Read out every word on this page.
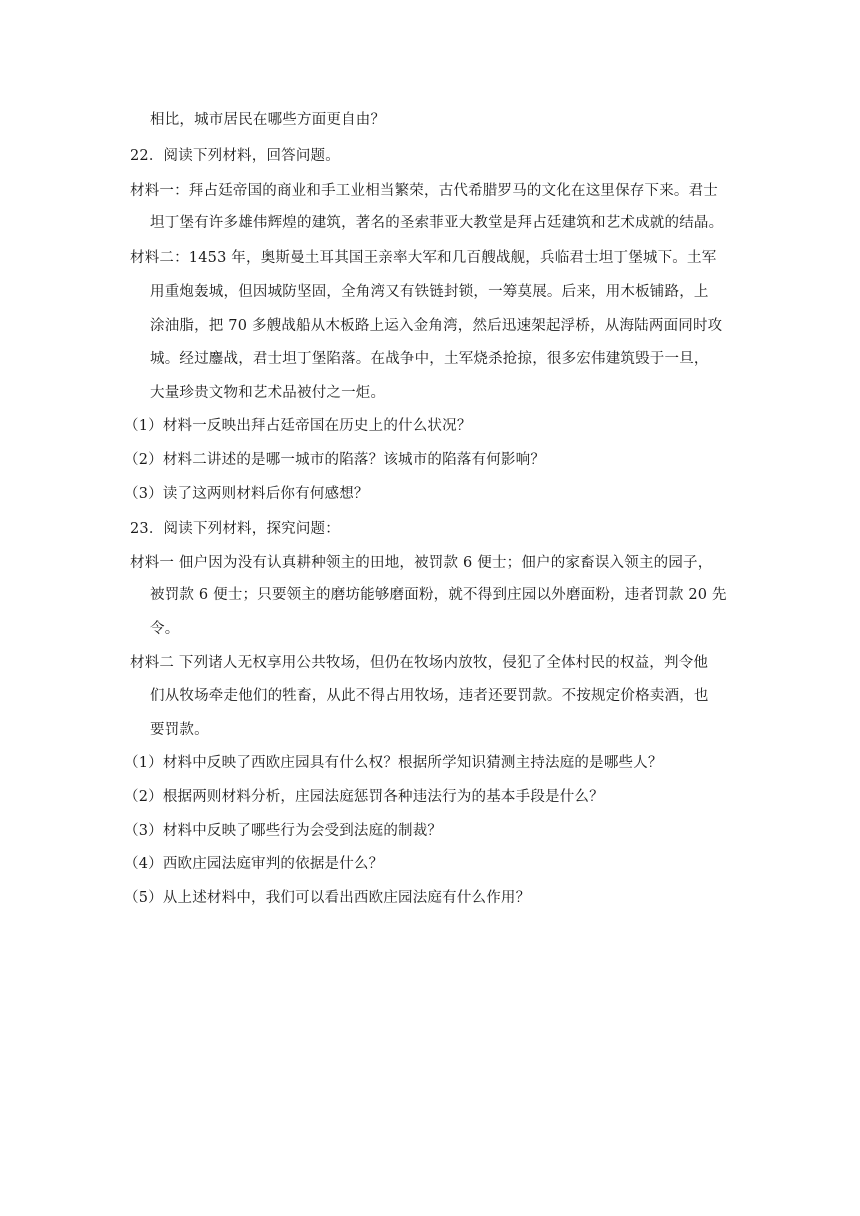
相比，城市居民在哪些方面更自由？
22．阅读下列材料，回答问题。
材料一：拜占廷帝国的商业和手工业相当繁荣，古代希腊罗马的文化在这里保存下来。君士
坦丁堡有许多雄伟辉煌的建筑，著名的圣索菲亚大教堂是拜占廷建筑和艺术成就的结晶。
材料二：1453 年，奥斯曼土耳其国王亲率大军和几百艘战舰，兵临君士坦丁堡城下。土军
用重炮轰城，但因城防坚固，全角湾又有铁链封锁，一筹莫展。后来，用木板铺路，上
涂油脂，把 70 多艘战船从木板路上运入金角湾，然后迅速架起浮桥，从海陆两面同时攻
城。经过鏖战，君士坦丁堡陷落。在战争中，土军烧杀抢掠，很多宏伟建筑毁于一旦，
大量珍贵文物和艺术品被付之一炬。
（1）材料一反映出拜占廷帝国在历史上的什么状况？
（2）材料二讲述的是哪一城市的陷落？该城市的陷落有何影响？
（3）读了这两则材料后你有何感想？
23．阅读下列材料，探究问题：
材料一 佃户因为没有认真耕种领主的田地，被罚款 6 便士；佃户的家畜误入领主的园子，
被罚款 6 便士；只要领主的磨坊能够磨面粉，就不得到庄园以外磨面粉，违者罚款 20 先
令。
材料二 下列诸人无权享用公共牧场，但仍在牧场内放牧，侵犯了全体村民的权益，判令他
们从牧场牵走他们的牲畜，从此不得占用牧场，违者还要罚款。不按规定价格卖酒，也
要罚款。
（1）材料中反映了西欧庄园具有什么权？根据所学知识猜测主持法庭的是哪些人？
（2）根据两则材料分析，庄园法庭惩罚各种违法行为的基本手段是什么？
（3）材料中反映了哪些行为会受到法庭的制裁？
（4）西欧庄园法庭审判的依据是什么？
（5）从上述材料中，我们可以看出西欧庄园法庭有什么作用？
